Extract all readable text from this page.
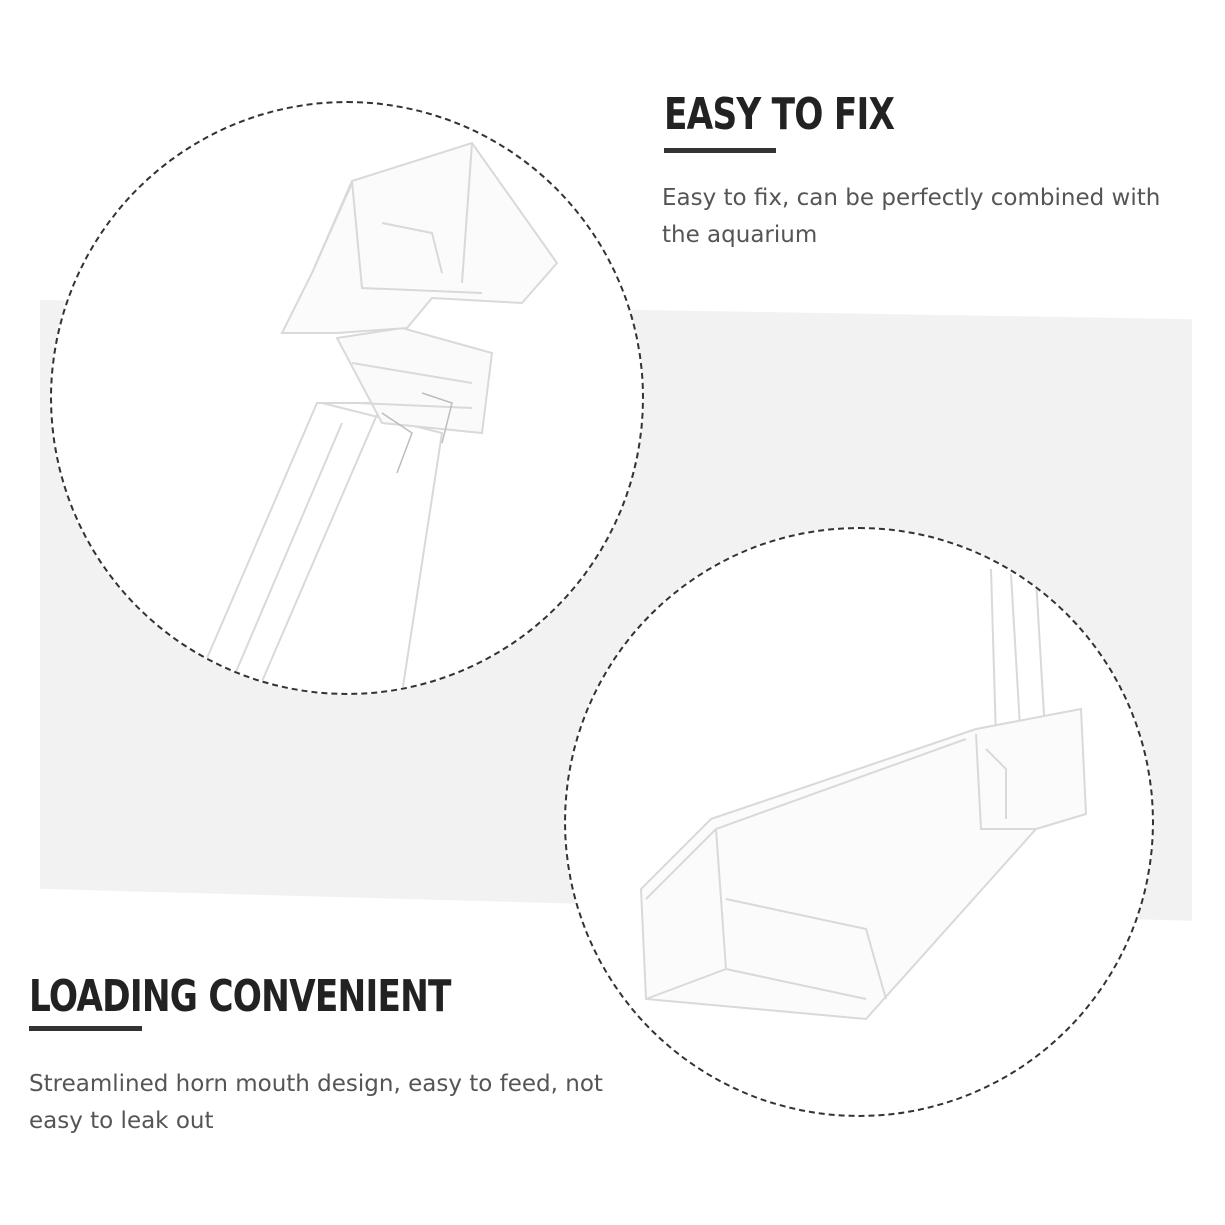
EASY TO FIX

Easy to fix, can be perfectly combined with the aquarium

LOADING CONVENIENT

Streamlined horn mouth design, easy to feed, not easy to leak out
